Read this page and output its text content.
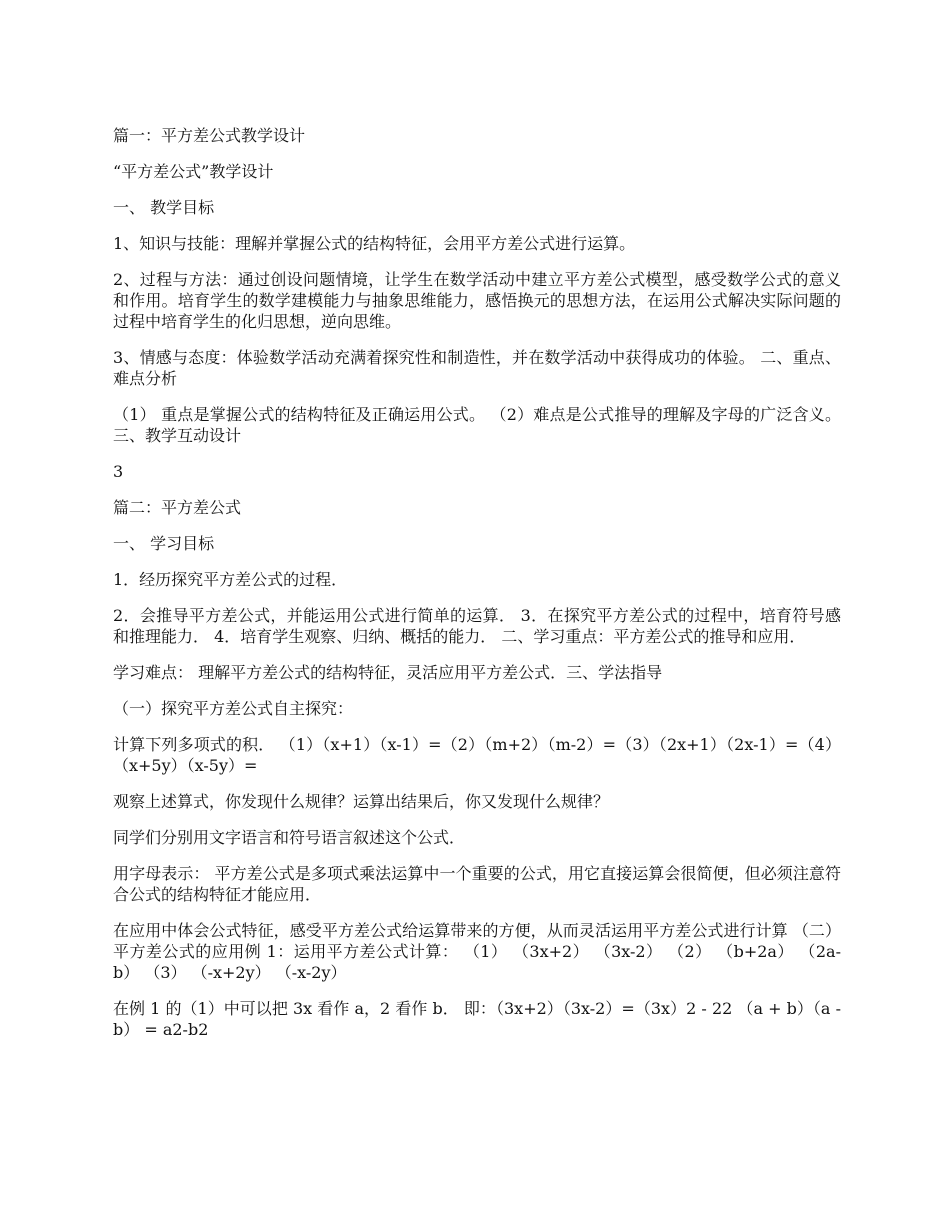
篇一：平方差公式教学设计

“平方差公式”教学设计

一、 教学目标

1、知识与技能：理解并掌握公式的结构特征，会用平方差公式进行运算。

2、过程与方法：通过创设问题情境，让学生在数学活动中建立平方差公式模型，感受数学公式的意义和作用。培育学生的数学建模能力与抽象思维能力，感悟换元的思想方法，在运用公式解决实际问题的过程中培育学生的化归思想，逆向思维。

3、情感与态度：体验数学活动充满着探究性和制造性，并在数学活动中获得成功的体验。 二、重点、难点分析

（1） 重点是掌握公式的结构特征及正确运用公式。 （2）难点是公式推导的理解及字母的广泛含义。 三、教学互动设计

3

篇二：平方差公式

一、 学习目标

1．经历探究平方差公式的过程．

2．会推导平方差公式，并能运用公式进行简单的运算． 3．在探究平方差公式的过程中，培育符号感和推理能力． 4．培育学生观察、归纳、概括的能力． 二、学习重点：平方差公式的推导和应用．

学习难点： 理解平方差公式的结构特征，灵活应用平方差公式．三、学法指导

（一）探究平方差公式自主探究：

计算下列多项式的积． （1）（x+1）（x-1）=（2）（m+2）（m-2）=（3）（2x+1）（2x-1）=（4）（x+5y）（x-5y）=

观察上述算式，你发现什么规律？运算出结果后，你又发现什么规律？

同学们分别用文字语言和符号语言叙述这个公式．

用字母表示： 平方差公式是多项式乘法运算中一个重要的公式，用它直接运算会很简便，但必须注意符合公式的结构特征才能应用．

在应用中体会公式特征，感受平方差公式给运算带来的方便，从而灵活运用平方差公式进行计算 （二）平方差公式的应用例 1：运用平方差公式计算： （1） （3x+2） （3x-2） （2） （b+2a） （2a-b） （3） （-x+2y） （-x-2y）

在例 1 的（1）中可以把 3x 看作 a，2 看作 b． 即：（3x+2）（3x-2）=（3x）2 - 22 （a + b）（a - b） = a2-b2
